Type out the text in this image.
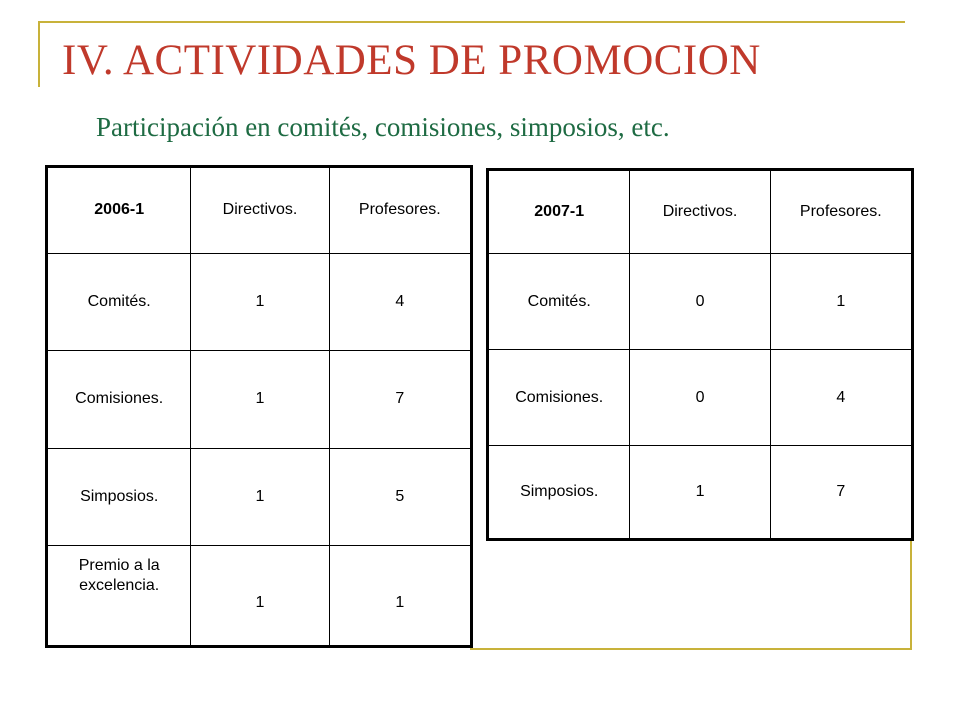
IV. ACTIVIDADES DE PROMOCION
Participación en comités, comisiones, simposios, etc.
2006-1	Directivos.	Profesores.
Comités.	1	4
Comisiones.	1	7
Simposios.	1	5
Premio a la excelencia.	1	1
2007-1	Directivos.	Profesores.
Comités.	0	1
Comisiones.	0	4
Simposios.	1	7
